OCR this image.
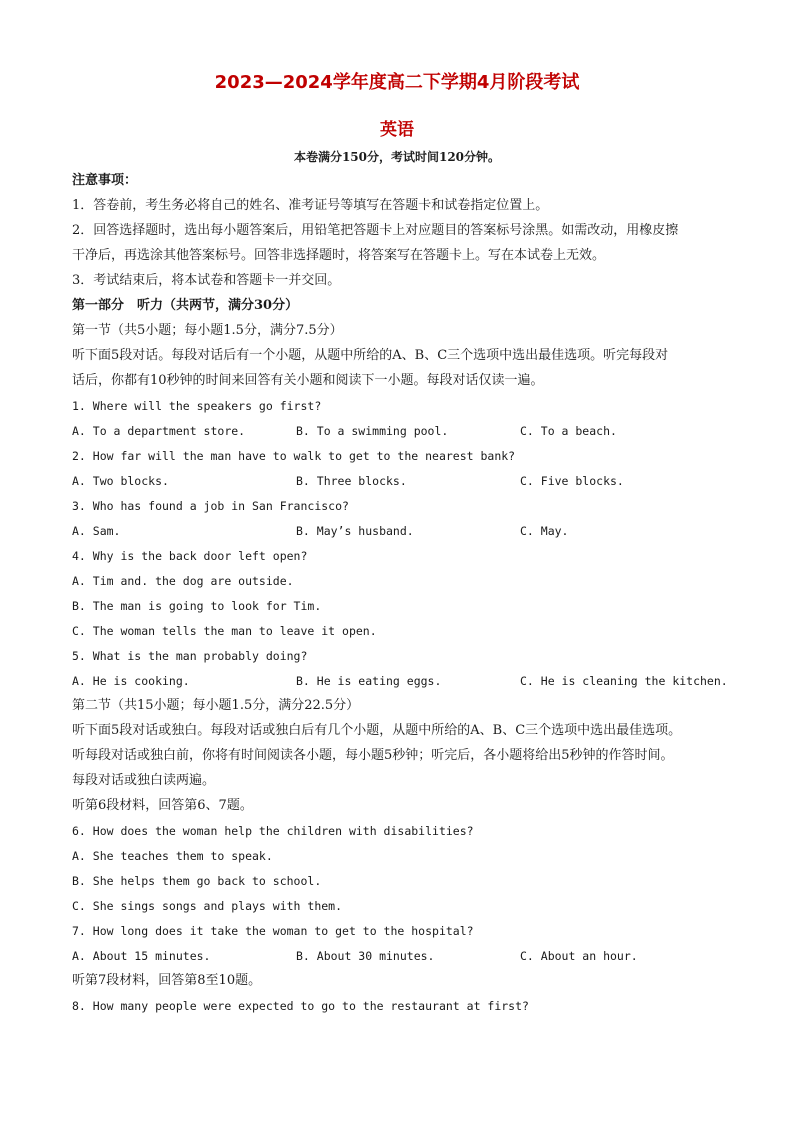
2023—2024学年度高二下学期4月阶段考试
英语
本卷满分150分，考试时间120分钟。
注意事项：
1．答卷前，考生务必将自己的姓名、准考证号等填写在答题卡和试卷指定位置上。
2．回答选择题时，选出每小题答案后，用铅笔把答题卡上对应题目的答案标号涂黑。如需改动，用橡皮擦
干净后，再选涂其他答案标号。回答非选择题时，将答案写在答题卡上。写在本试卷上无效。
3．考试结束后，将本试卷和答题卡一并交回。
第一部分　听力（共两节，满分30分）
第一节（共5小题；每小题1.5分，满分7.5分）
听下面5段对话。每段对话后有一个小题，从题中所给的A、B、C三个选项中选出最佳选项。听完每段对
话后，你都有10秒钟的时间来回答有关小题和阅读下一小题。每段对话仅读一遍。
1. Where will the speakers go first?
A. To a department store.	B. To a swimming pool.	C. To a beach.
2. How far will the man have to walk to get to the nearest bank?
A. Two blocks.	B. Three blocks.	C. Five blocks.
3. Who has found a job in San Francisco?
A. Sam.	B. May’s husband.	C. May.
4. Why is the back door left open?
A. Tim and. the dog are outside.
B. The man is going to look for Tim.
C. The woman tells the man to leave it open.
5. What is the man probably doing?
A. He is cooking.	B. He is eating eggs.	C. He is cleaning the kitchen.
第二节（共15小题；每小题1.5分，满分22.5分）
听下面5段对话或独白。每段对话或独白后有几个小题，从题中所给的A、B、C三个选项中选出最佳选项。
听每段对话或独白前，你将有时间阅读各小题，每小题5秒钟；听完后，各小题将给出5秒钟的作答时间。
每段对话或独白读两遍。
听第6段材料，回答第6、7题。
6. How does the woman help the children with disabilities?
A. She teaches them to speak.
B. She helps them go back to school.
C. She sings songs and plays with them.
7. How long does it take the woman to get to the hospital?
A. About 15 minutes.	B. About 30 minutes.	C. About an hour.
听第7段材料，回答第8至10题。
8. How many people were expected to go to the restaurant at first?
